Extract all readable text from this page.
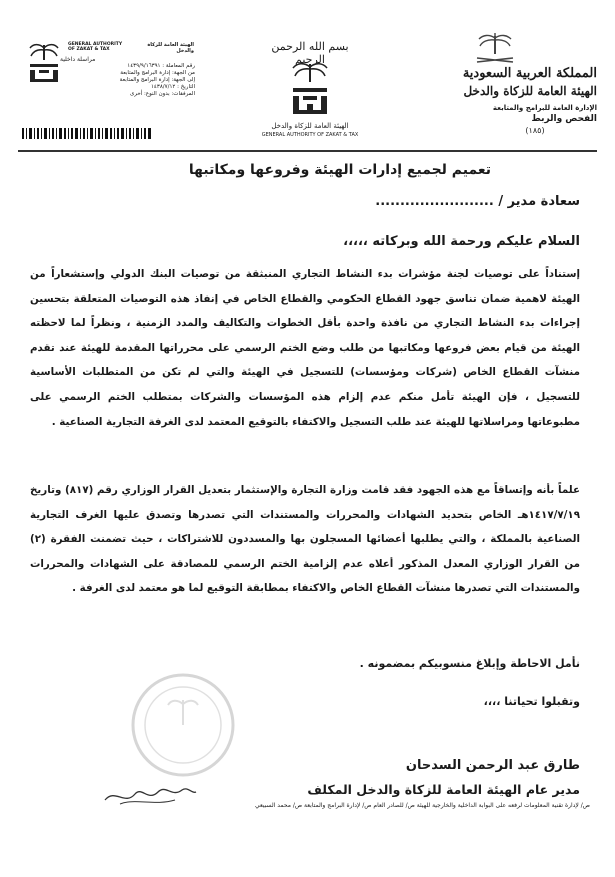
المملكة العربية السعودية
الهيئة العامة للزكاة والدخل
الإدارة العامة للبرامج والمتابعة
الفحص والربط
(١٨٥)
بسم الله الرحمن الرحيم
الهيئة العامة للزكاة والدخل
GENERAL AUTHORITY OF ZAKAT & TAX
GENERAL AUTHORITY OF ZAKAT & TAX
الهيئة العامة للزكاة والدخل
مراسلة داخلية
رقم المعاملة : ١٤٣٩/٩/١٦٣٩١
من الجهة: إدارة البرامج والمتابعة
إلى الجهة: إدارة البرامج والمتابعة
التاريخ : ١٤٣٨/٧/١٢
المرفقات: بدون النوع: أخرى
تعميم لجميع إدارات الهيئة وفروعها ومكاتبها
سعادة مدير / ........................
السلام عليكم ورحمة الله وبركاته ،،،،،
إستناداً على توصيات لجنة مؤشرات بدء النشاط التجاري المنبثقة من توصيات البنك الدولي وإستشعاراً من الهيئة لاهمية ضمان تناسق جهود القطاع الحكومي والقطاع الخاص في إنفاذ هذه التوصيات المتعلقة بتحسين إجراءات بدء النشاط التجاري من نافذة واحدة بأقل الخطوات والتكاليف والمدد الزمنية ، ونظراً لما لاحظته الهيئة من قيام بعض فروعها ومكاتبها من طلب وضع الختم الرسمي على محرراتها المقدمة للهيئة عند تقدم منشآت القطاع الخاص (شركات ومؤسسات) للتسجيل في الهيئة والتي لم تكن من المتطلبات الأساسية للتسجيل ، فإن الهيئة تأمل منكم عدم إلزام هذه المؤسسات والشركات بمتطلب الختم الرسمي على مطبوعاتها ومراسلاتها للهيئة عند طلب التسجيل والاكتفاء بالتوقيع المعتمد لدى الغرفة التجارية الصناعية .
علماً بأنه وإتساقاً مع هذه الجهود فقد قامت وزارة التجارة والإستثمار بتعديل القرار الوزاري رقم (٨١٧) وتاريخ ١٤١٧/٧/١٩هـ الخاص بتحديد الشهادات والمحررات والمستندات التي تصدرها وتصدق عليها الغرف التجارية الصناعية بالمملكة ، والتي يطلبها أعضائها المسجلون بها والمسددون للاشتراكات ، حيث تضمنت الفقرة (٢) من القرار الوزاري المعدل المذكور أعلاه عدم إلزامية الختم الرسمي للمصادقة على الشهادات والمحررات والمستندات التي تصدرها منشآت القطاع الخاص والاكتفاء بمطابقة التوقيع لما هو معتمد لدى الغرفة .
نأمل الاحاطة وإبلاغ منسوبيكم بمضمونه .
وتقبلوا تحياتنا ،،،،
طارق عبد الرحمن السدحان
مدير عام الهيئة العامة للزكاة والدخل المكلف
ص/ لإدارة تقنية المعلومات لرفعه على البوابة الداخلية والخارجية للهيئة ص/ للصادر العام ص/ لإدارة البرامج والمتابعة ص/ محمد السبيعي
